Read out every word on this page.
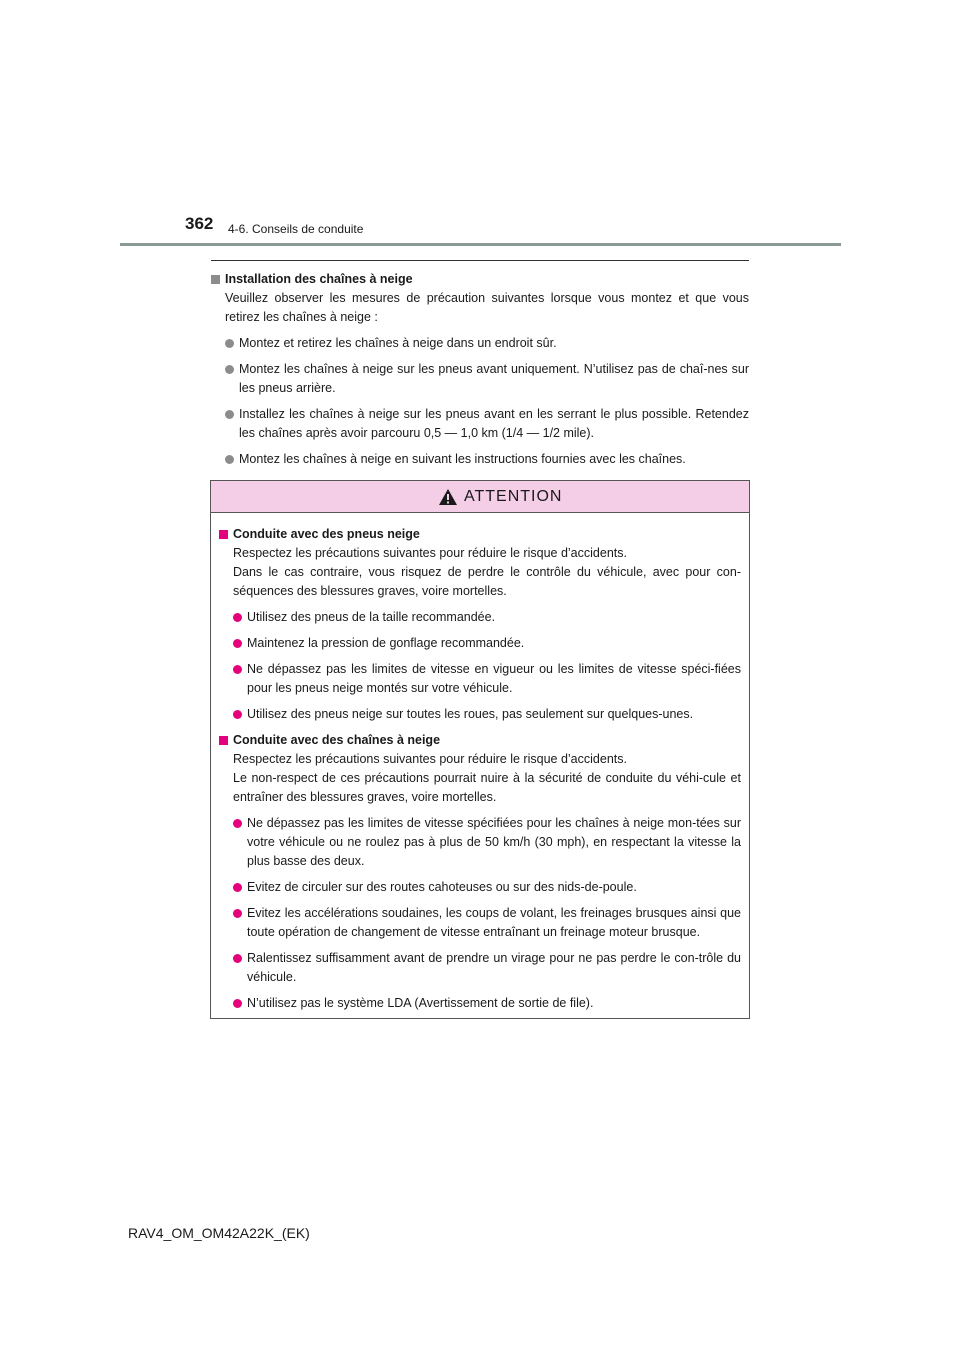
362 4-6. Conseils de conduite
Installation des chaînes à neige
Veuillez observer les mesures de précaution suivantes lorsque vous montez et que vous retirez les chaînes à neige :
Montez et retirez les chaînes à neige dans un endroit sûr.
Montez les chaînes à neige sur les pneus avant uniquement. N’utilisez pas de chaî-nes sur les pneus arrière.
Installez les chaînes à neige sur les pneus avant en les serrant le plus possible. Retendez les chaînes après avoir parcouru 0,5 — 1,0 km (1/4 — 1/2 mile).
Montez les chaînes à neige en suivant les instructions fournies avec les chaînes.
ATTENTION
Conduite avec des pneus neige
Respectez les précautions suivantes pour réduire le risque d’accidents.
Dans le cas contraire, vous risquez de perdre le contrôle du véhicule, avec pour con-séquences des blessures graves, voire mortelles.
Utilisez des pneus de la taille recommandée.
Maintenez la pression de gonflage recommandée.
Ne dépassez pas les limites de vitesse en vigueur ou les limites de vitesse spéci-fiées pour les pneus neige montés sur votre véhicule.
Utilisez des pneus neige sur toutes les roues, pas seulement sur quelques-unes.
Conduite avec des chaînes à neige
Respectez les précautions suivantes pour réduire le risque d’accidents.
Le non-respect de ces précautions pourrait nuire à la sécurité de conduite du véhi-cule et entraîner des blessures graves, voire mortelles.
Ne dépassez pas les limites de vitesse spécifiées pour les chaînes à neige mon-tées sur votre véhicule ou ne roulez pas à plus de 50 km/h (30 mph), en respectant la vitesse la plus basse des deux.
Evitez de circuler sur des routes cahoteuses ou sur des nids-de-poule.
Evitez les accélérations soudaines, les coups de volant, les freinages brusques ainsi que toute opération de changement de vitesse entraînant un freinage moteur brusque.
Ralentissez suffisamment avant de prendre un virage pour ne pas perdre le con-trôle du véhicule.
N’utilisez pas le système LDA (Avertissement de sortie de file).
RAV4_OM_OM42A22K_(EK)
